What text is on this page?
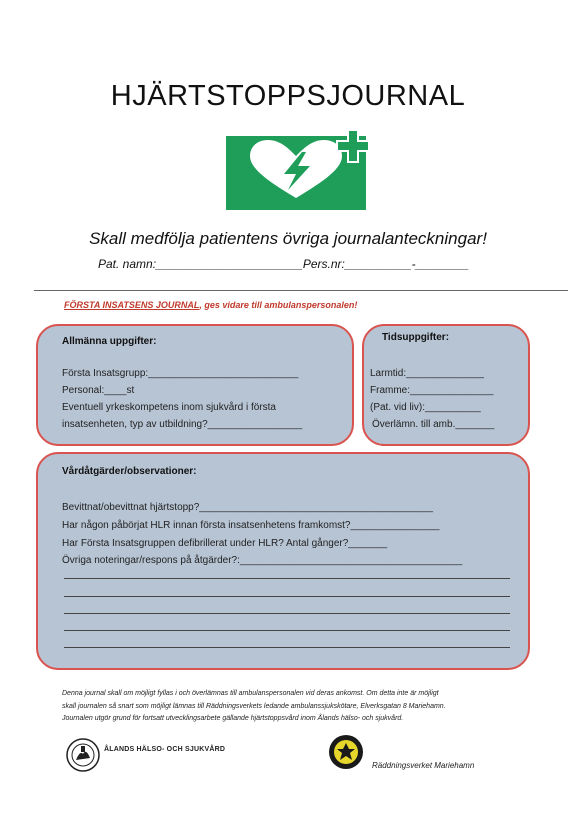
HJÄRTSTOPPSJOURNAL
Skall medfölja patientens övriga journalanteckningar!
Pat. namn:______________________Pers.nr:__________-________
FÖRSTA INSATSENS JOURNAL, ges vidare till ambulanspersonalen!
Allmänna uppgifter:
Första Insatsgrupp:___________________________
Personal:____st
Eventuell yrkeskompetens inom sjukvård i första
insatsenheten, typ av utbildning?_________________
Tidsuppgifter:
Larmtid:______________
Framme:_______________
(Pat. vid liv):__________
Överlämn. till amb._______
Vårdåtgärder/observationer:
Bevittnat/obevittnat hjärtstopp?__________________________________________
Har någon påbörjat HLR innan första insatsenhetens framkomst?________________
Har Första Insatsgruppen defibrillerat under HLR? Antal gånger?_______
Övriga noteringar/respons på åtgärder?:________________________________________
Denna journal skall om möjligt fyllas i och överlämnas till ambulanspersonalen vid deras ankomst. Om detta inte är möjligt
skall journalen så snart som möjligt lämnas till Räddningsverkets ledande ambulanssjukskötare, Elverksgatan 8 Mariehamn.
Journalen utgör grund för fortsatt utvecklingsarbete gällande hjärtstoppsvård inom Ålands hälso- och sjukvård.
ÅLANDS HÄLSO- OCH SJUKVÅRD
Räddningsverket Mariehamn
